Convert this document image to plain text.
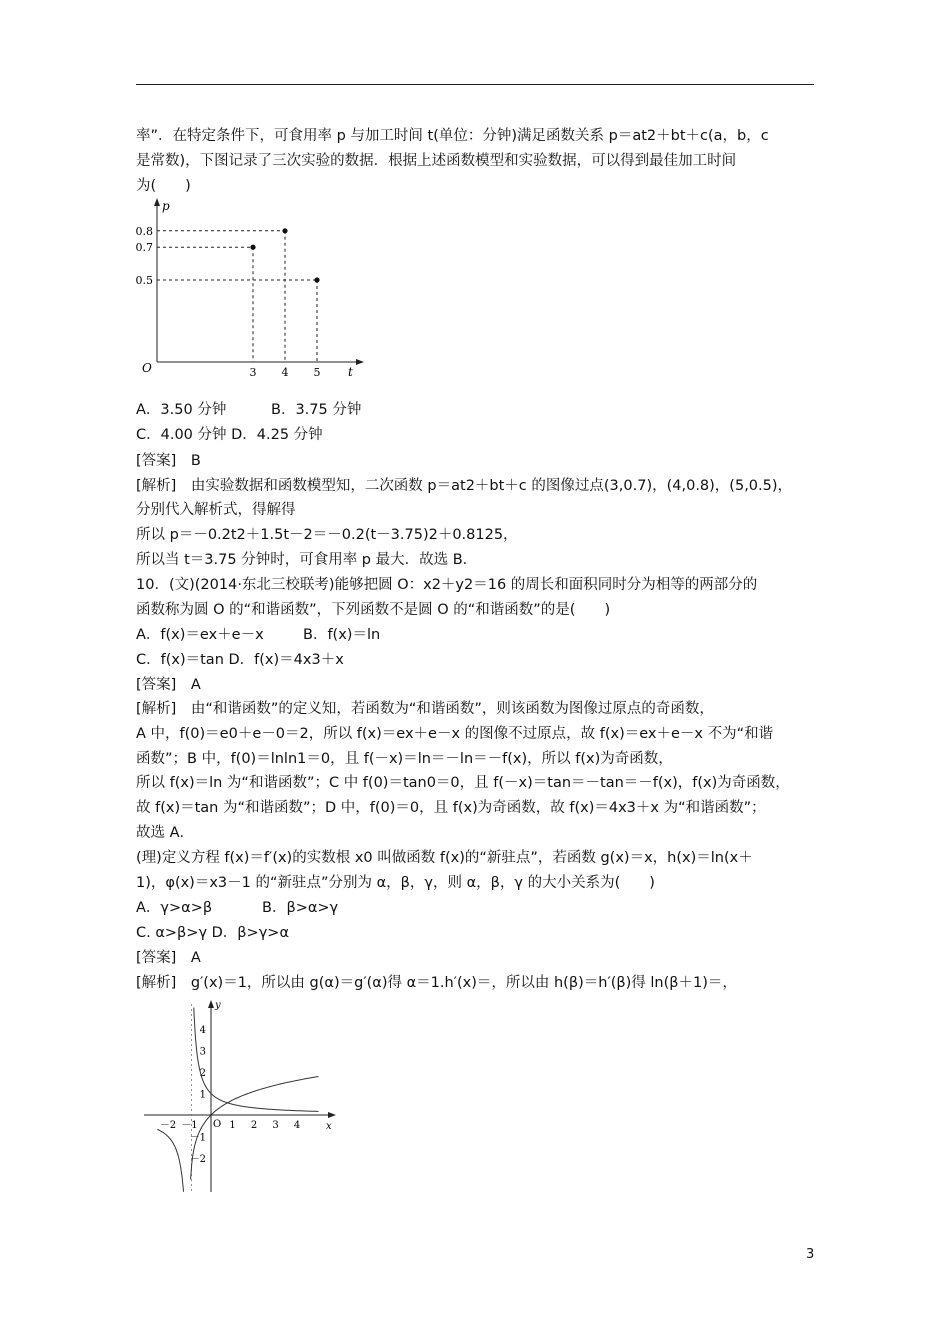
率”．在特定条件下，可食用率 p 与加工时间 t(单位：分钟)满足函数关系 p＝at2＋bt＋c(a，b，c
是常数)，下图记录了三次实验的数据．根据上述函数模型和实验数据，可以得到最佳加工时间
为(　　)
p
t
O
0.8
0.7
0.5
3 4 5
A．3.50 分钟	B．3.75 分钟
C．4.00 分钟 D．4.25 分钟
[答案]　B
[解析]　由实验数据和函数模型知，二次函数 p＝at2＋bt＋c 的图像过点(3,0.7)，(4,0.8)，(5,0.5)，
分别代入解析式，得解得
所以 p＝－0.2t2＋1.5t－2＝－0.2(t－3.75)2＋0.8125，
所以当 t＝3.75 分钟时，可食用率 p 最大．故选 B．
10．(文)(2014·东北三校联考)能够把圆 O：x2＋y2＝16 的周长和面积同时分为相等的两部分的
函数称为圆 O 的“和谐函数”，下列函数不是圆 O 的“和谐函数”的是(　　)
A．f(x)＝ex＋e－x	B．f(x)＝ln
C．f(x)＝tan D．f(x)＝4x3＋x
[答案]　A
[解析]　由“和谐函数”的定义知，若函数为“和谐函数”，则该函数为图像过原点的奇函数，
A 中，f(0)＝e0＋e－0＝2，所以 f(x)＝ex＋e－x 的图像不过原点，故 f(x)＝ex＋e－x 不为“和谐
函数”；B 中，f(0)＝lnln1＝0，且 f(－x)＝ln＝－ln＝－f(x)，所以 f(x)为奇函数，
所以 f(x)＝ln 为“和谐函数”；C 中 f(0)＝tan0＝0，且 f(－x)＝tan＝－tan＝－f(x)，f(x)为奇函数，
故 f(x)＝tan 为“和谐函数”；D 中，f(0)＝0，且 f(x)为奇函数，故 f(x)＝4x3＋x 为“和谐函数”；
故选 A．
(理)定义方程 f(x)＝f′(x)的实数根 x0 叫做函数 f(x)的“新驻点”，若函数 g(x)＝x，h(x)＝ln(x＋
1)，φ(x)＝x3－1 的“新驻点”分别为 α，β，γ，则 α，β，γ 的大小关系为(　　)
A．γ>α>β	B．β>α>γ
C. α>β>γ D．β>γ>α
[答案]　A
[解析]　g′(x)＝1，所以由 g(α)＝g′(α)得 α＝1.h′(x)＝，所以由 h(β)＝h′(β)得 ln(β＋1)＝，
y
x
O
4
3
2
1
－1
－2
－2 －1	1 2 3 4
3
